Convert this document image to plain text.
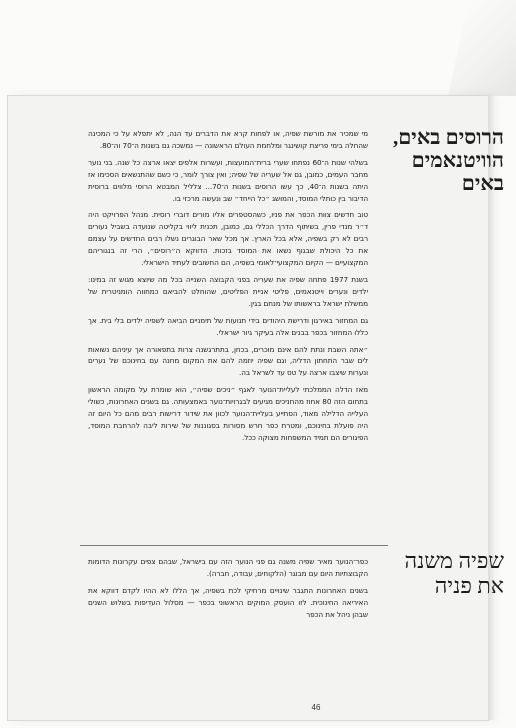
הרוסים באים, הוויטנאמים באים

מי שמכיר את מורשת שפיה, או לפחות קרא את הדברים עד הנה, לא יתפלא על כי המכינה שהחלה בימי פריצת קושינגר ומלחמת העולם הראשונה — נמשכה גם בשנות ה־70 וה־80.

בשלהי שנות ה־60 נפתחו שערי ברית־המועצות, ועשרות אלפים יצאו ארצה כל שנה. בני נוער מחבר העמים, כמובן, גם אל שעריה של שפיה; ואין צורך לומר, כי כשם שהתנשאים הסכימו אז היתה בשנות ה־40, כך עשו הרוסים בשנות ה־70... צלליל המבטא הרוסי מלווים ברוסית הדיבור בין כותלי המוסד, והמושג ״כל הייחד״ שב ונעשה מרכזי בו.

טוב חדשים צוות הכפר את פניו, כשהסטפרים אליו מורים דוברי רוסית. מנהל הפרויקט היה ד״ר מנדי פרין, בשיתוף הדרך הכללי גם, כמובן, תכנית ליווי בקליטה שנועדה בשביל נעורים רבים לא רק בשפיה, אלא בכל הארץ. אך מכל שאר הבוגרים נשלו רבים החדשים על עצמם את כל היכולת שבגוף נשאו את המוסד בזכות. הדווקא ה״רוסים״, הרי זה בנגוריהם המקצועיים — הקיום המקצועי־לאומי בשפיה, הם החשובים לעתיד הישראלי.

בשנת 1977 פתחה שפיה את שעריה בפני הקבוצה השנייה בכל מה שיוצא מגוש זה במינו: ילדים ונערים וייטנאמים, פליטי אניית הפליטים, שהוחלט להביאם כמחווה הומניטרית של ממשלת ישראל בראשותו של מנחם בגין.

גם המחזור באירגון ודרישת היהודים בידי תנועות של תימניים הביאה לשפיה ילדים בלי בית. אך כללו המחזור בכפר בבנים אלה בעיקר גיור ישראלי.

״אתה השבת ונתת להם אינם מוכרים, בכחן, בתתרגשנה צרות בתפאורה אך עיניהם נשואות לים שבר התחתון הדליה, וגם שפיה יוזמה להם את המקום מחנה עם בחינוכם של נערים ונערות שיצבו ארצה על טס עד לשראל בה.

מאז הדלה הממלכתי לעליית־הנוער לאגף ״ניכים שפיה״, הוא שומרת על מקומה הראשון בתחום הזה 80 אחוז מהחניכים מגיעים לבגרויות־נוער באמצעותה. גם בשנים האחרונות, כשולי העלייה הדלילה מאוד, הסתייע בעליית־הנוער לכוון את שידור דרישות רבים מהם כל היום זה היה פועלת בחינוכם, ומטרת כפר חרש מסורות בסגוננות של שירות ליבה להרחבת המוסד, הפיגורים הם תמיד המשפחות מצוקה ככל.

שפיה משנה את פניה

כפר־הנוער מאיר שפיה משנה גם פני הנוער הזה עם בישראל, שבהם צפים עקרונות הדומות הקבוצתיות היום עם מבוגר (הלקוחים, עבודה, חברה).

בשנים האחרונות התגבר שינויים מרחיקי לכת בשפיה, אך הללו לא ההיו לקדם דווקא את האיריאה החינוכית. לזו הועסק המוקים הראשוני בכפר — מסלול העדיפות בשלוש השנים שבהן ניהל את הכפר

46
